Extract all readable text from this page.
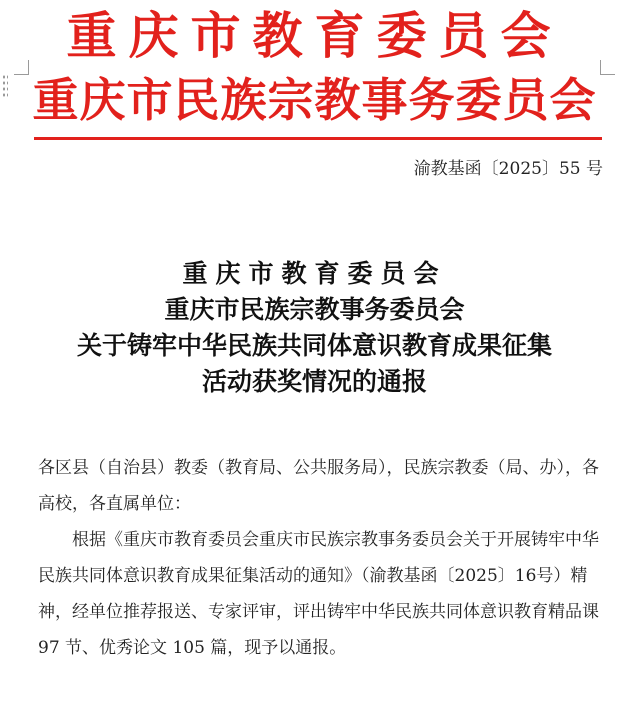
重庆市教育委员会
重庆市民族宗教事务委员会
渝教基函〔2025〕55 号
重庆市教育委员会
重庆市民族宗教事务委员会
关于铸牢中华民族共同体意识教育成果征集
活动获奖情况的通报

各区县（自治县）教委（教育局、公共服务局），民族宗教委（局、办），各高校，各直属单位：

根据《重庆市教育委员会重庆市民族宗教事务委员会关于开展铸牢中华民族共同体意识教育成果征集活动的通知》（渝教基函〔2025〕16号）精神，经单位推荐报送、专家评审，评出铸牢中华民族共同体意识教育精品课 97 节、优秀论文 105 篇，现予以通报。
